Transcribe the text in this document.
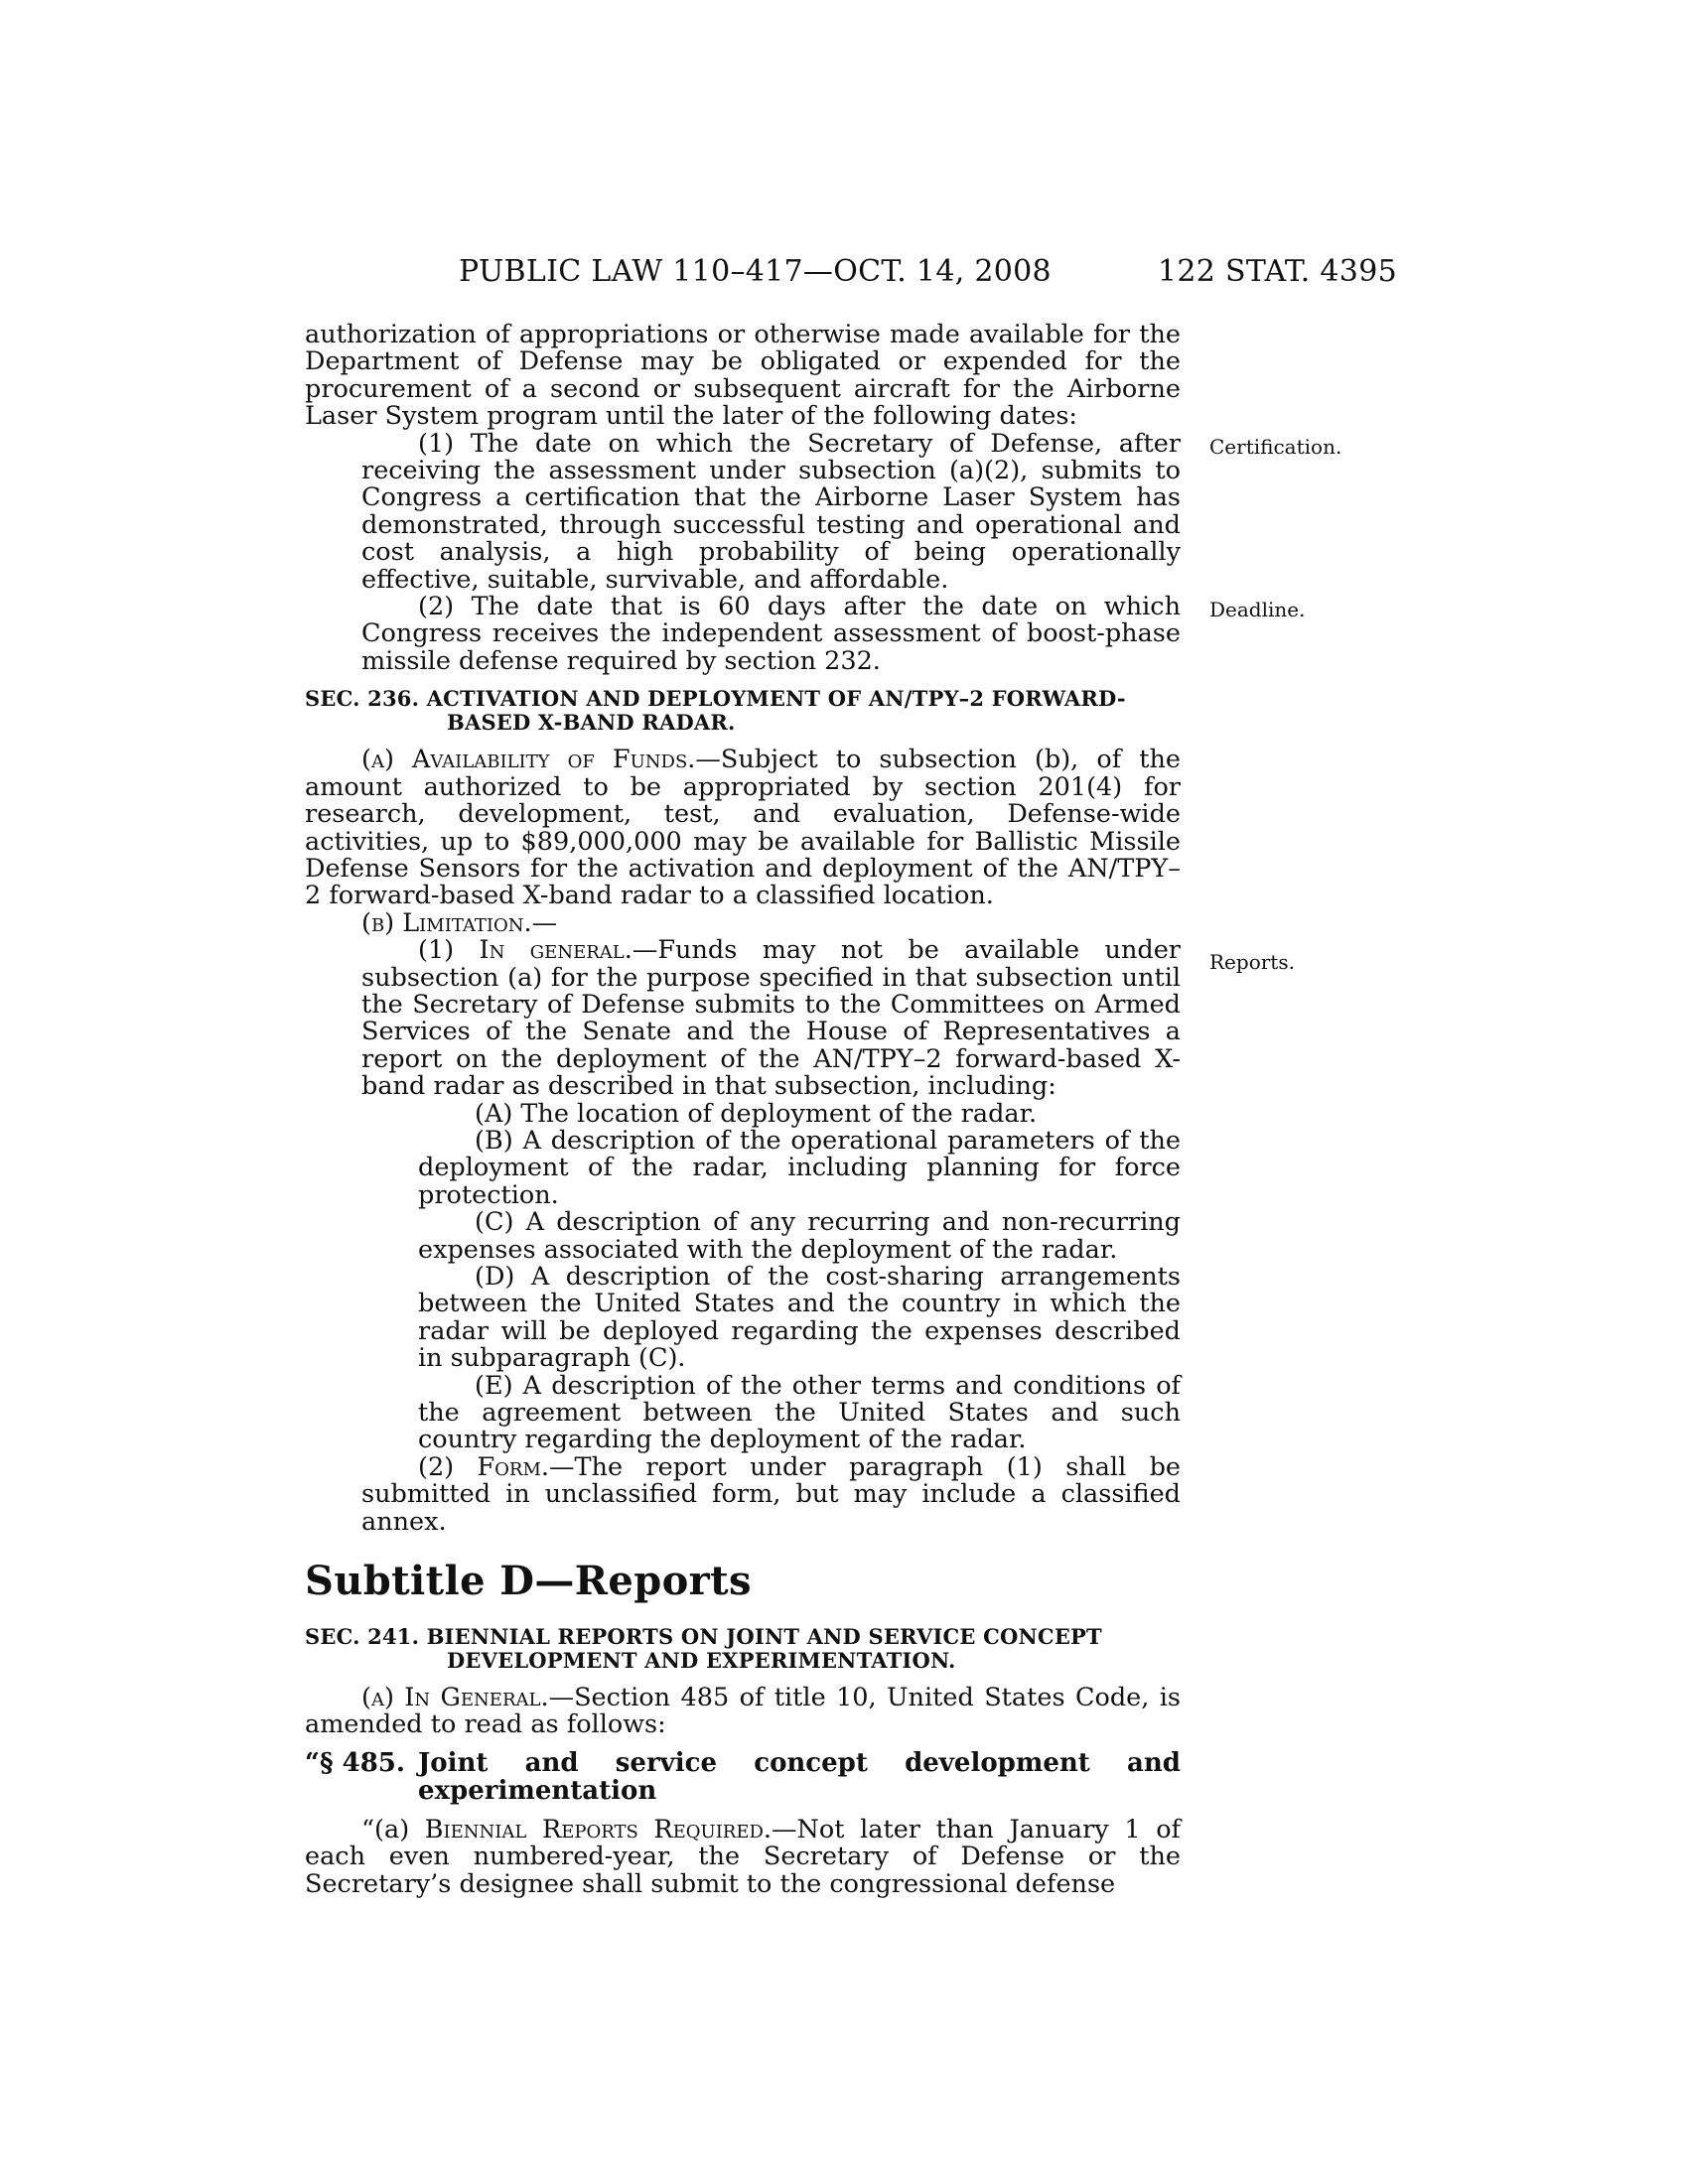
PUBLIC LAW 110–417—OCT. 14, 2008	122 STAT. 4395
Certification.
Deadline.
Reports.

authorization of appropriations or otherwise made available for the Department of Defense may be obligated or expended for the procurement of a second or subsequent aircraft for the Airborne Laser System program until the later of the following dates:

(1) The date on which the Secretary of Defense, after receiving the assessment under subsection (a)(2), submits to Congress a certification that the Airborne Laser System has demonstrated, through successful testing and operational and cost analysis, a high probability of being operationally effective, suitable, survivable, and affordable.

(2) The date that is 60 days after the date on which Congress receives the independent assessment of boost-phase missile defense required by section 232.

SEC. 236. ACTIVATION AND DEPLOYMENT OF AN/TPY–2 FORWARD-BASED X-BAND RADAR.

(a) Availability of Funds.—Subject to subsection (b), of the amount authorized to be appropriated by section 201(4) for research, development, test, and evaluation, Defense-wide activities, up to $89,000,000 may be available for Ballistic Missile Defense Sensors for the activation and deployment of the AN/TPY–2 forward-based X-band radar to a classified location.

(b) Limitation.—

(1) In general.—Funds may not be available under subsection (a) for the purpose specified in that subsection until the Secretary of Defense submits to the Committees on Armed Services of the Senate and the House of Representatives a report on the deployment of the AN/TPY–2 forward-based X-band radar as described in that subsection, including:

(A) The location of deployment of the radar.

(B) A description of the operational parameters of the deployment of the radar, including planning for force protection.

(C) A description of any recurring and non-recurring expenses associated with the deployment of the radar.

(D) A description of the cost-sharing arrangements between the United States and the country in which the radar will be deployed regarding the expenses described in subparagraph (C).

(E) A description of the other terms and conditions of the agreement between the United States and such country regarding the deployment of the radar.

(2) Form.—The report under paragraph (1) shall be submitted in unclassified form, but may include a classified annex.

Subtitle D—Reports

SEC. 241. BIENNIAL REPORTS ON JOINT AND SERVICE CONCEPT DEVELOPMENT AND EXPERIMENTATION.

(a) In General.—Section 485 of title 10, United States Code, is amended to read as follows:

“§ 485. Joint and service concept development and
experimentation

“(a) Biennial Reports Required.—Not later than January 1 of each even numbered-year, the Secretary of Defense or the Secretary’s designee shall submit to the congressional defense
